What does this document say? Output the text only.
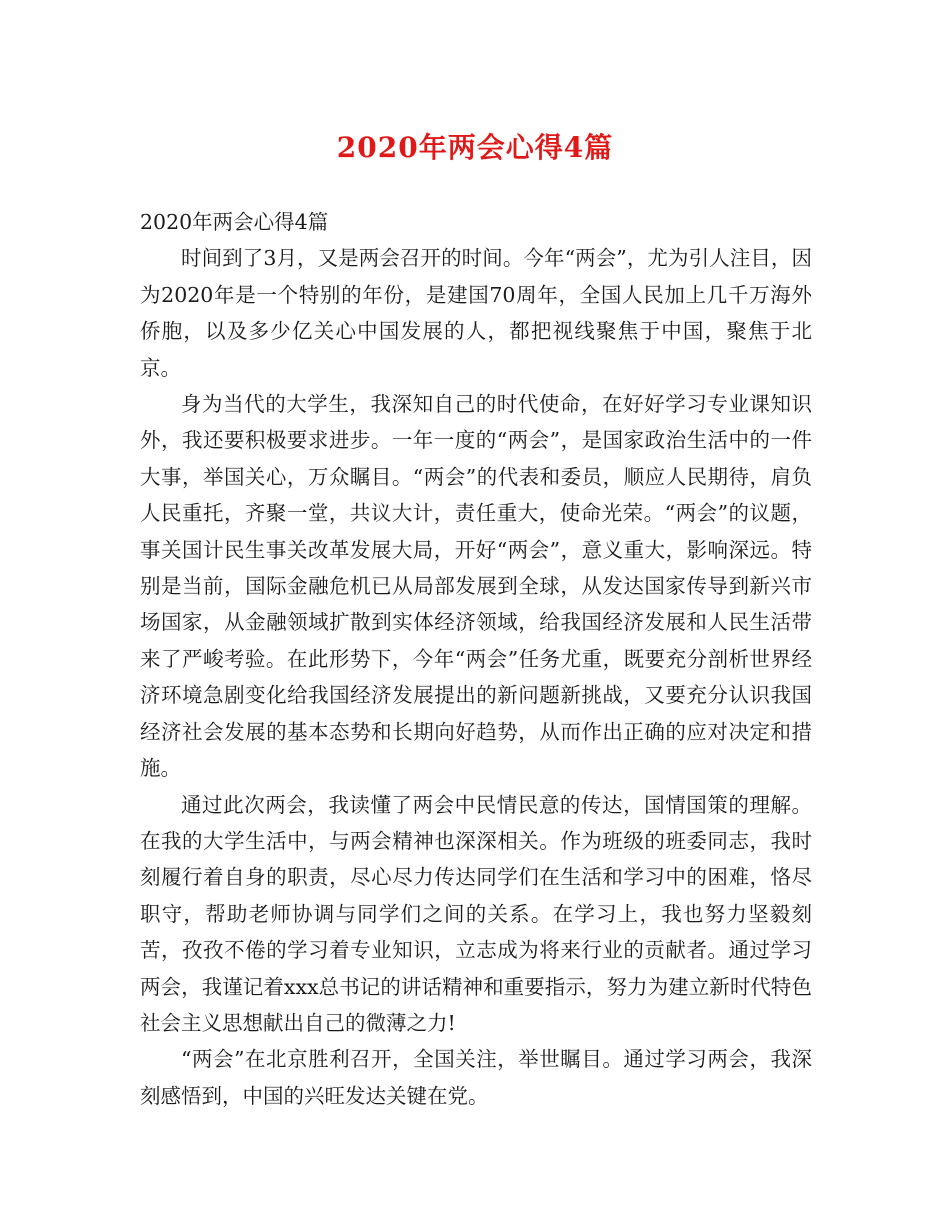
2020年两会心得4篇

2020年两会心得4篇

时间到了3月，又是两会召开的时间。今年“两会”，尤为引人注目，因为2020年是一个特别的年份，是建国70周年，全国人民加上几千万海外侨胞，以及多少亿关心中国发展的人，都把视线聚焦于中国，聚焦于北京。

身为当代的大学生，我深知自己的时代使命，在好好学习专业课知识外，我还要积极要求进步。一年一度的“两会”，是国家政治生活中的一件大事，举国关心，万众瞩目。“两会”的代表和委员，顺应人民期待，肩负人民重托，齐聚一堂，共议大计，责任重大，使命光荣。“两会”的议题，事关国计民生事关改革发展大局，开好“两会”，意义重大，影响深远。特别是当前，国际金融危机已从局部发展到全球，从发达国家传导到新兴市场国家，从金融领域扩散到实体经济领域，给我国经济发展和人民生活带来了严峻考验。在此形势下，今年“两会”任务尤重，既要充分剖析世界经济环境急剧变化给我国经济发展提出的新问题新挑战，又要充分认识我国经济社会发展的基本态势和长期向好趋势，从而作出正确的应对决定和措施。

通过此次两会，我读懂了两会中民情民意的传达，国情国策的理解。在我的大学生活中，与两会精神也深深相关。作为班级的班委同志，我时刻履行着自身的职责，尽心尽力传达同学们在生活和学习中的困难，恪尽职守，帮助老师协调与同学们之间的关系。在学习上，我也努力坚毅刻苦，孜孜不倦的学习着专业知识，立志成为将来行业的贡献者。通过学习两会，我谨记着xxx总书记的讲话精神和重要指示，努力为建立新时代特色社会主义思想献出自己的微薄之力!

“两会”在北京胜利召开，全国关注，举世瞩目。通过学习两会，我深刻感悟到，中国的兴旺发达关键在党。
